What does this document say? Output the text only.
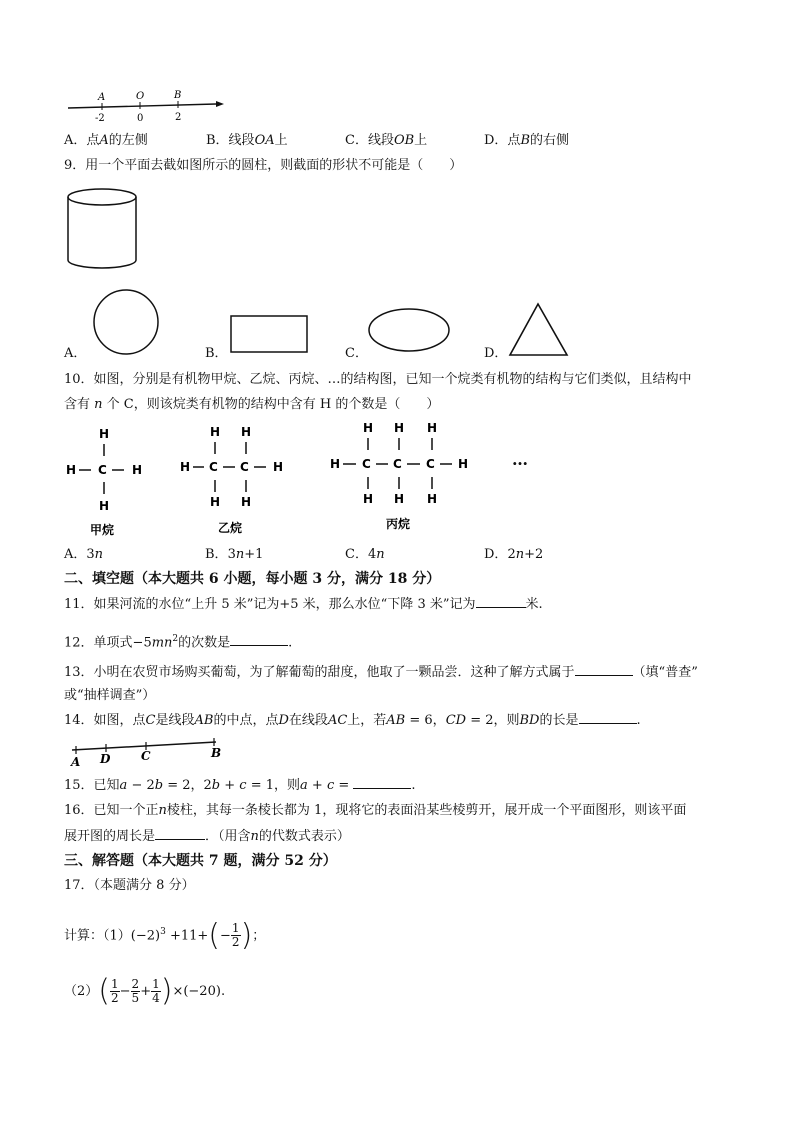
A	O	B
-2	0	2
A．点A的左侧	B．线段OA上	C．线段OB上	D．点B的右侧
9．用一个平面去截如图所示的圆柱，则截面的形状不可能是（　　）
A．	B．	C．	D．
10．如图，分别是有机物甲烷、乙烷、丙烷、…的结构图，已知一个烷类有机物的结构与它们类似，且结构中
含有 n 个 C，则该烷类有机物的结构中含有 H 的个数是（　　）
H
H C H
H
甲烷
H H
H C C H
H H
乙烷
H H H
H C C C H
H H H
丙烷
…
A．3n	B．3n+1	C．4n	D．2n+2
二、填空题（本大题共 6 小题，每小题 3 分，满分 18 分）
11．如果河流的水位“上升 5 米”记为+5 米，那么水位“下降 3 米”记为	米.
12．单项式$-5mn^2$的次数是	.
13．小明在农贸市场购买葡萄，为了解葡萄的甜度，他取了一颗品尝．这种了解方式属于	（填“普查”
或“抽样调查”）
14．如图，点C是线段AB的中点，点D在线段AC上，若AB = 6，CD = 2，则BD的长是	.
A D	C	B
15．已知a − 2b = 2，2b + c = 1，则a + c =	.
16．已知一个正n棱柱，其每一条棱长都为 1，现将它的表面沿某些棱剪开，展开成一个平面图形，则该平面
展开图的周长是	．（用含n的代数式表示）
三、解答题（本大题共 7 题，满分 52 分）
17．（本题满分 8 分）
计算：$(1)(-2)^3 +11+(- \frac{1}{2}$ )；
$(2)( \frac{1}{2} - \frac{2}{5} + \frac{1}{4} )\times(-20)$.
